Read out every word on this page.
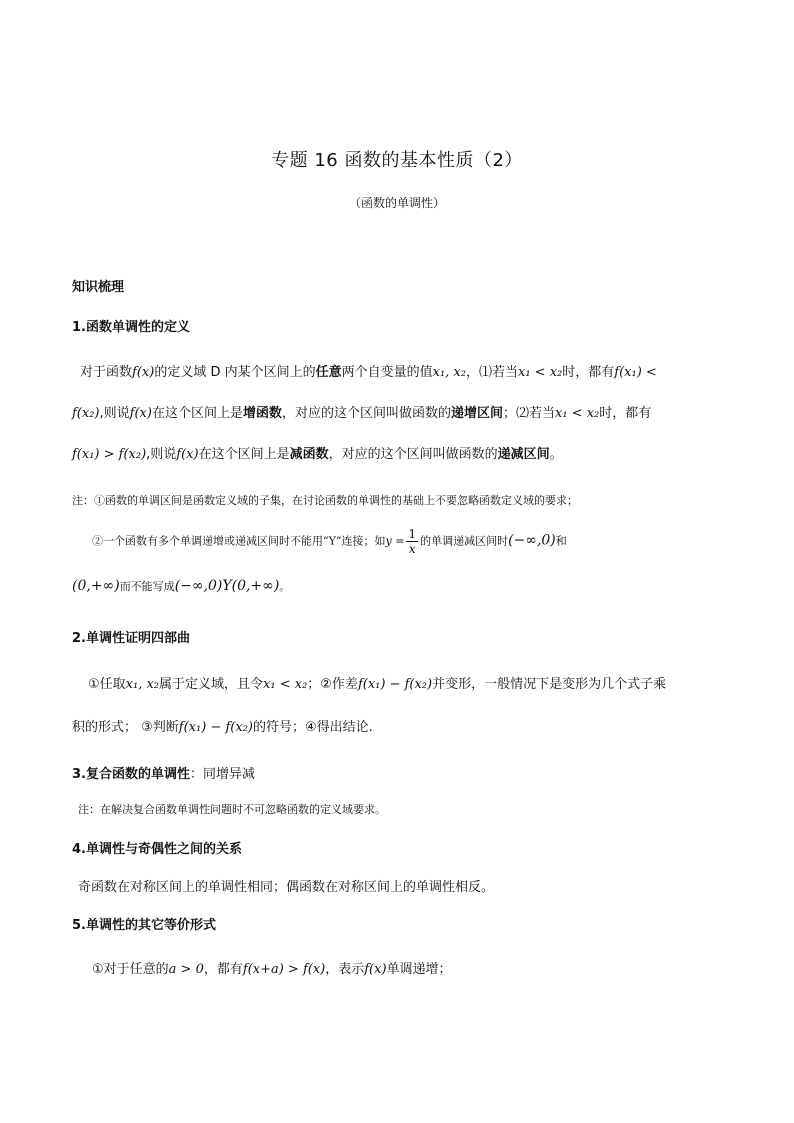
专题 16 函数的基本性质（2）
（函数的单调性）
知识梳理
1.函数单调性的定义
对于函数f(x)的定义域 D 内某个区间上的任意两个自变量的值x₁, x₂，⑴若当x₁ < x₂时，都有f(x₁) <
f(x₂),则说f(x)在这个区间上是增函数，对应的这个区间叫做函数的递增区间；⑵若当x₁ < x₂时，都有
f(x₁) > f(x₂),则说f(x)在这个区间上是减函数，对应的这个区间叫做函数的递减区间。
注：①函数的单调区间是函数定义域的子集，在讨论函数的单调性的基础上不要忽略函数定义域的要求；
②一个函数有多个单调递增或递减区间时不能用“Y”连接；如$y = \frac{1}{x}$ 的单调递减区间时(−∞,0)和
(0,+∞)而不能写成(−∞,0)Y(0,+∞)。
2.单调性证明四部曲
①任取x₁, x₂属于定义域，且令x₁ < x₂；②作差f(x₁) − f(x₂)并变形，一般情况下是变形为几个式子乘
积的形式； ③判断f(x₁) − f(x₂)的符号；④得出结论.
3.复合函数的单调性：同增异减
注：在解决复合函数单调性问题时不可忽略函数的定义域要求。
4.单调性与奇偶性之间的关系
奇函数在对称区间上的单调性相同；偶函数在对称区间上的单调性相反。
5.单调性的其它等价形式
①对于任意的a > 0，都有f(x+a) > f(x)，表示f(x)单调递增；
